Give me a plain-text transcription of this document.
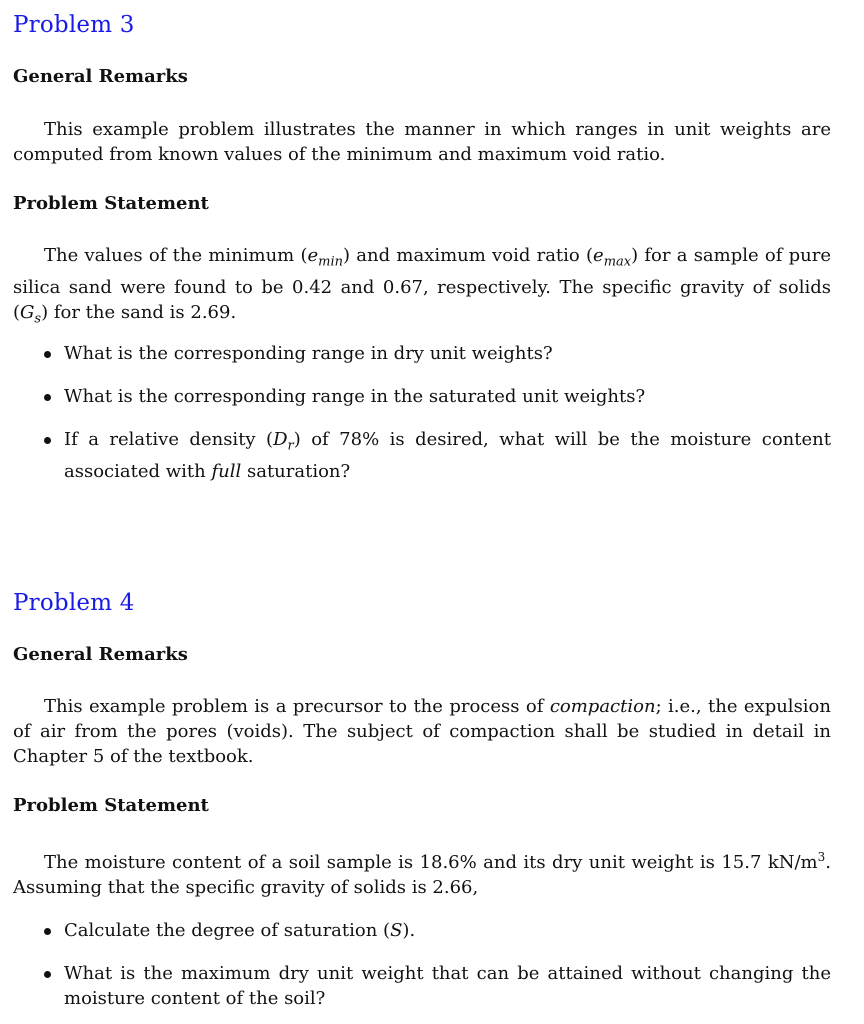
Problem 3
General Remarks

This example problem illustrates the manner in which ranges in unit weights are computed from known values of the minimum and maximum void ratio.

Problem Statement

The values of the minimum $(e_{min})$ and maximum void ratio $(e_{max})$ for a sample of pure silica sand were found to be 0.42 and 0.67, respectively. The specific gravity of solids $(G_s)$ for the sand is 2.69.

What is the corresponding range in dry unit weights?
What is the corresponding range in the saturated unit weights?
If a relative density $(D_r)$ of 78% is desired, what will be the moisture content associated with full saturation?
Problem 4
General Remarks

This example problem is a precursor to the process of compaction; i.e., the expulsion of air from the pores (voids). The subject of compaction shall be studied in detail in Chapter 5 of the textbook.

Problem Statement

The moisture content of a soil sample is 18.6% and its dry unit weight is 15.7 $kN/m^3$. Assuming that the specific gravity of solids is 2.66,

Calculate the degree of saturation (S).
What is the maximum dry unit weight that can be attained without changing the moisture content of the soil?
